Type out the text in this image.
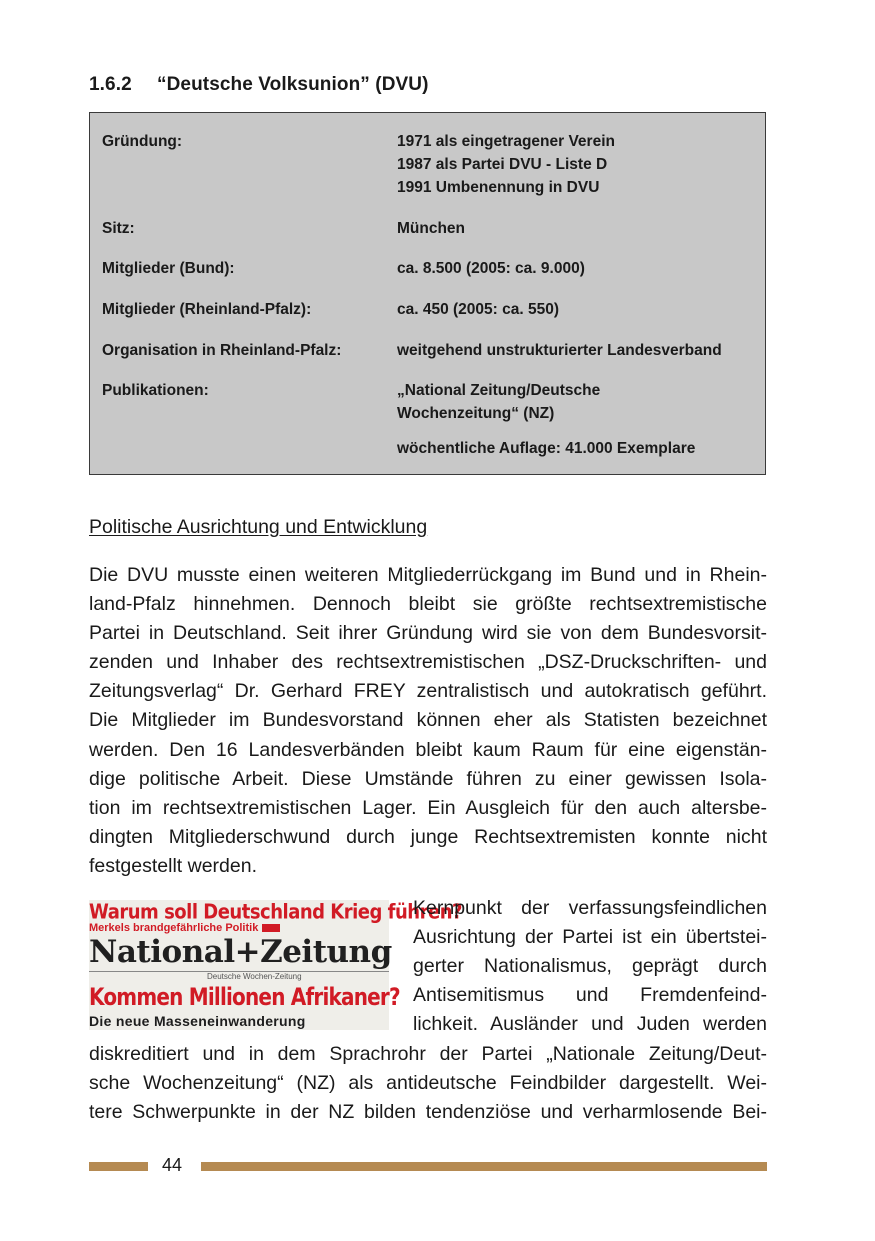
1.6.2 “Deutsche Volksunion” (DVU)
Gründung:	1971 als eingetragener Verein
1987 als Partei DVU - Liste D
1991 Umbenennung in DVU
Sitz:	München
Mitglieder (Bund):	ca. 8.500 (2005: ca. 9.000)
Mitglieder (Rheinland-Pfalz):	ca. 450 (2005: ca. 550)
Organisation in Rheinland-Pfalz:	weitgehend unstrukturierter Landesverband
Publikationen:	„National Zeitung/Deutsche
Wochenzeitung“ (NZ)
wöchentliche Auflage: 41.000 Exemplare
Politische Ausrichtung und Entwicklung
Die DVU musste einen weiteren Mitgliederrückgang im Bund und in Rhein-
land-Pfalz hinnehmen. Dennoch bleibt sie größte rechtsextremistische
Partei in Deutschland. Seit ihrer Gründung wird sie von dem Bundesvorsit-
zenden und Inhaber des rechtsextremistischen „DSZ-Druckschriften- und
Zeitungsverlag“ Dr. Gerhard FREY zentralistisch und autokratisch geführt.
Die Mitglieder im Bundesvorstand können eher als Statisten bezeichnet
werden. Den 16 Landesverbänden bleibt kaum Raum für eine eigenstän-
dige politische Arbeit. Diese Umstände führen zu einer gewissen Isola-
tion im rechtsextremistischen Lager. Ein Ausgleich für den auch altersbe-
dingten Mitgliederschwund durch junge Rechtsextremisten konnte nicht
festgestellt werden.
Warum soll Deutschland Krieg führen?
Merkels brandgefährliche Politik
National+Zeitung
Deutsche Wochen-Zeitung
Kommen Millionen Afrikaner?
Die neue Masseneinwanderung
Kernpunkt der verfassungsfeindlichen
Ausrichtung der Partei ist ein übertstei-
gerter Nationalismus, geprägt durch
Antisemitismus und Fremdenfeind-
lichkeit. Ausländer und Juden werden
diskreditiert und in dem Sprachrohr der Partei „Nationale Zeitung/Deut-
sche Wochenzeitung“ (NZ) als antideutsche Feindbilder dargestellt. Wei-
tere Schwerpunkte in der NZ bilden tendenziöse und verharmlosende Bei-
44
